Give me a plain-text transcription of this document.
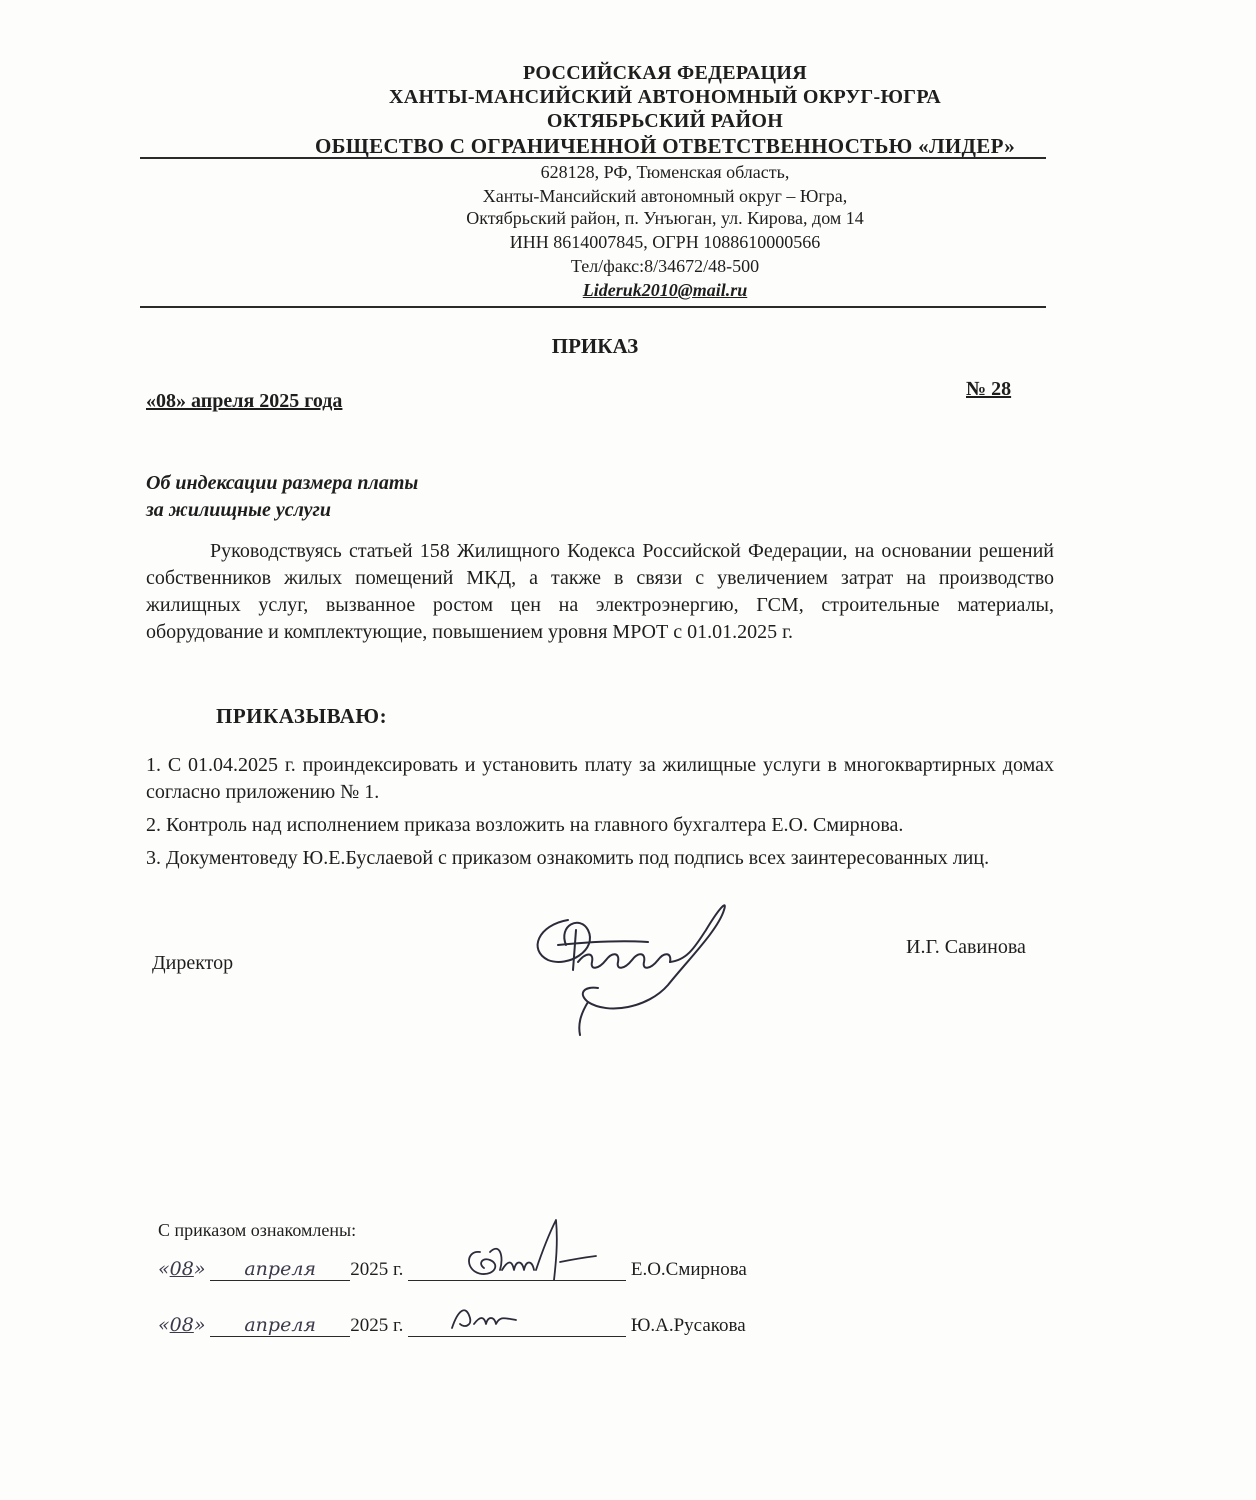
РОССИЙСКАЯ ФЕДЕРАЦИЯ
ХАНТЫ-МАНСИЙСКИЙ АВТОНОМНЫЙ ОКРУГ-ЮГРА
ОКТЯБРЬСКИЙ РАЙОН
ОБЩЕСТВО С ОГРАНИЧЕННОЙ ОТВЕТСТВЕННОСТЬЮ «ЛИДЕР»
628128, РФ, Тюменская область,
Ханты-Мансийский автономный округ – Югра,
Октябрьский район, п. Унъюган, ул. Кирова, дом 14
ИНН 8614007845, ОГРН 1088610000566
Тел/факс:8/34672/48-500
Lideruk2010@mail.ru
ПРИКАЗ
«08» апреля 2025 года
№ 28
Об индексации размера платы
за жилищные услуги
Руководствуясь статьей 158 Жилищного Кодекса Российской Федерации, на основании решений собственников жилых помещений МКД, а также в связи с увеличением затрат на производство жилищных услуг, вызванное ростом цен на электроэнергию, ГСМ, строительные материалы, оборудование и комплектующие, повышением уровня МРОТ с 01.01.2025 г.
ПРИКАЗЫВАЮ:
1. С 01.04.2025 г. проиндексировать и установить плату за жилищные услуги в многоквартирных домах согласно приложению № 1.
2. Контроль над исполнением приказа возложить на главного бухгалтера Е.О. Смирнова.
3. Документоведу Ю.Е.Буслаевой с приказом ознакомить под подпись всех заинтересованных лиц.
Директор
И.Г. Савинова
С приказом ознакомлены:
«08» апреля 2025 г.	Е.О.Смирнова
«08» апреля 2025 г.	Ю.А.Русакова
